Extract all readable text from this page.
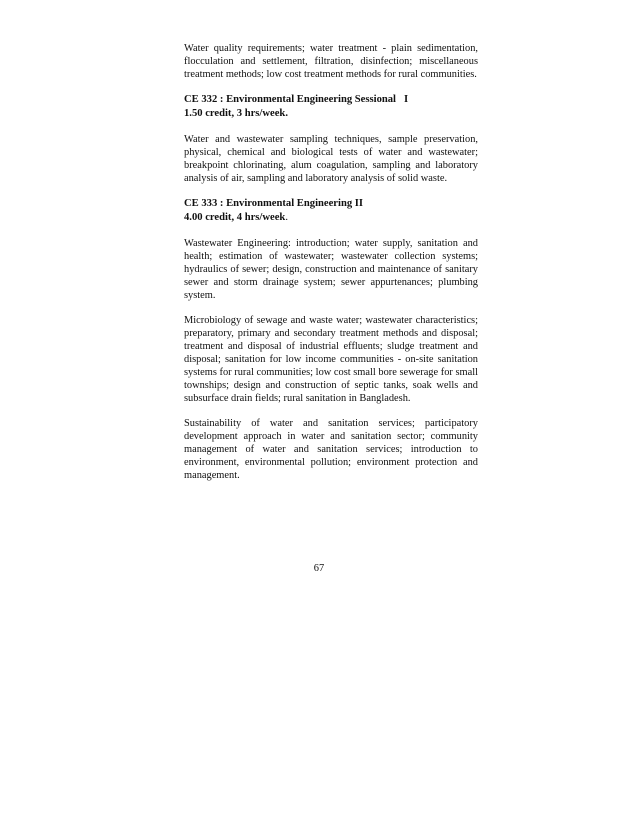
Water quality requirements; water treatment - plain sedimentation, flocculation and settlement, filtration, disinfection; miscellaneous treatment methods; low cost treatment methods for rural communities.

CE 332 : Environmental Engineering Sessional   I

1.50 credit, 3 hrs/week.

Water and wastewater sampling techniques, sample preservation, physical, chemical and biological tests of water and wastewater; breakpoint chlorinating, alum coagulation, sampling and laboratory analysis of air, sampling and laboratory analysis of solid waste.

CE 333 : Environmental Engineering II

4.00 credit, 4 hrs/week.

Wastewater Engineering: introduction; water supply, sanitation and health; estimation of wastewater; wastewater collection systems; hydraulics of sewer; design, construction and maintenance of sanitary sewer and storm drainage system; sewer appurtenances; plumbing system.

Microbiology of sewage and waste water; wastewater characteristics; preparatory, primary and secondary treatment methods and disposal; treatment and disposal of industrial effluents; sludge treatment and disposal; sanitation for low income communities - on-site sanitation systems for rural communities; low cost small bore sewerage for small townships; design and construction of septic tanks, soak wells and subsurface drain fields; rural sanitation in Bangladesh.

Sustainability of water and sanitation services; participatory development approach in water and sanitation sector; community management of water and sanitation services; introduction to environment, environmental pollution; environment protection and management.

67
